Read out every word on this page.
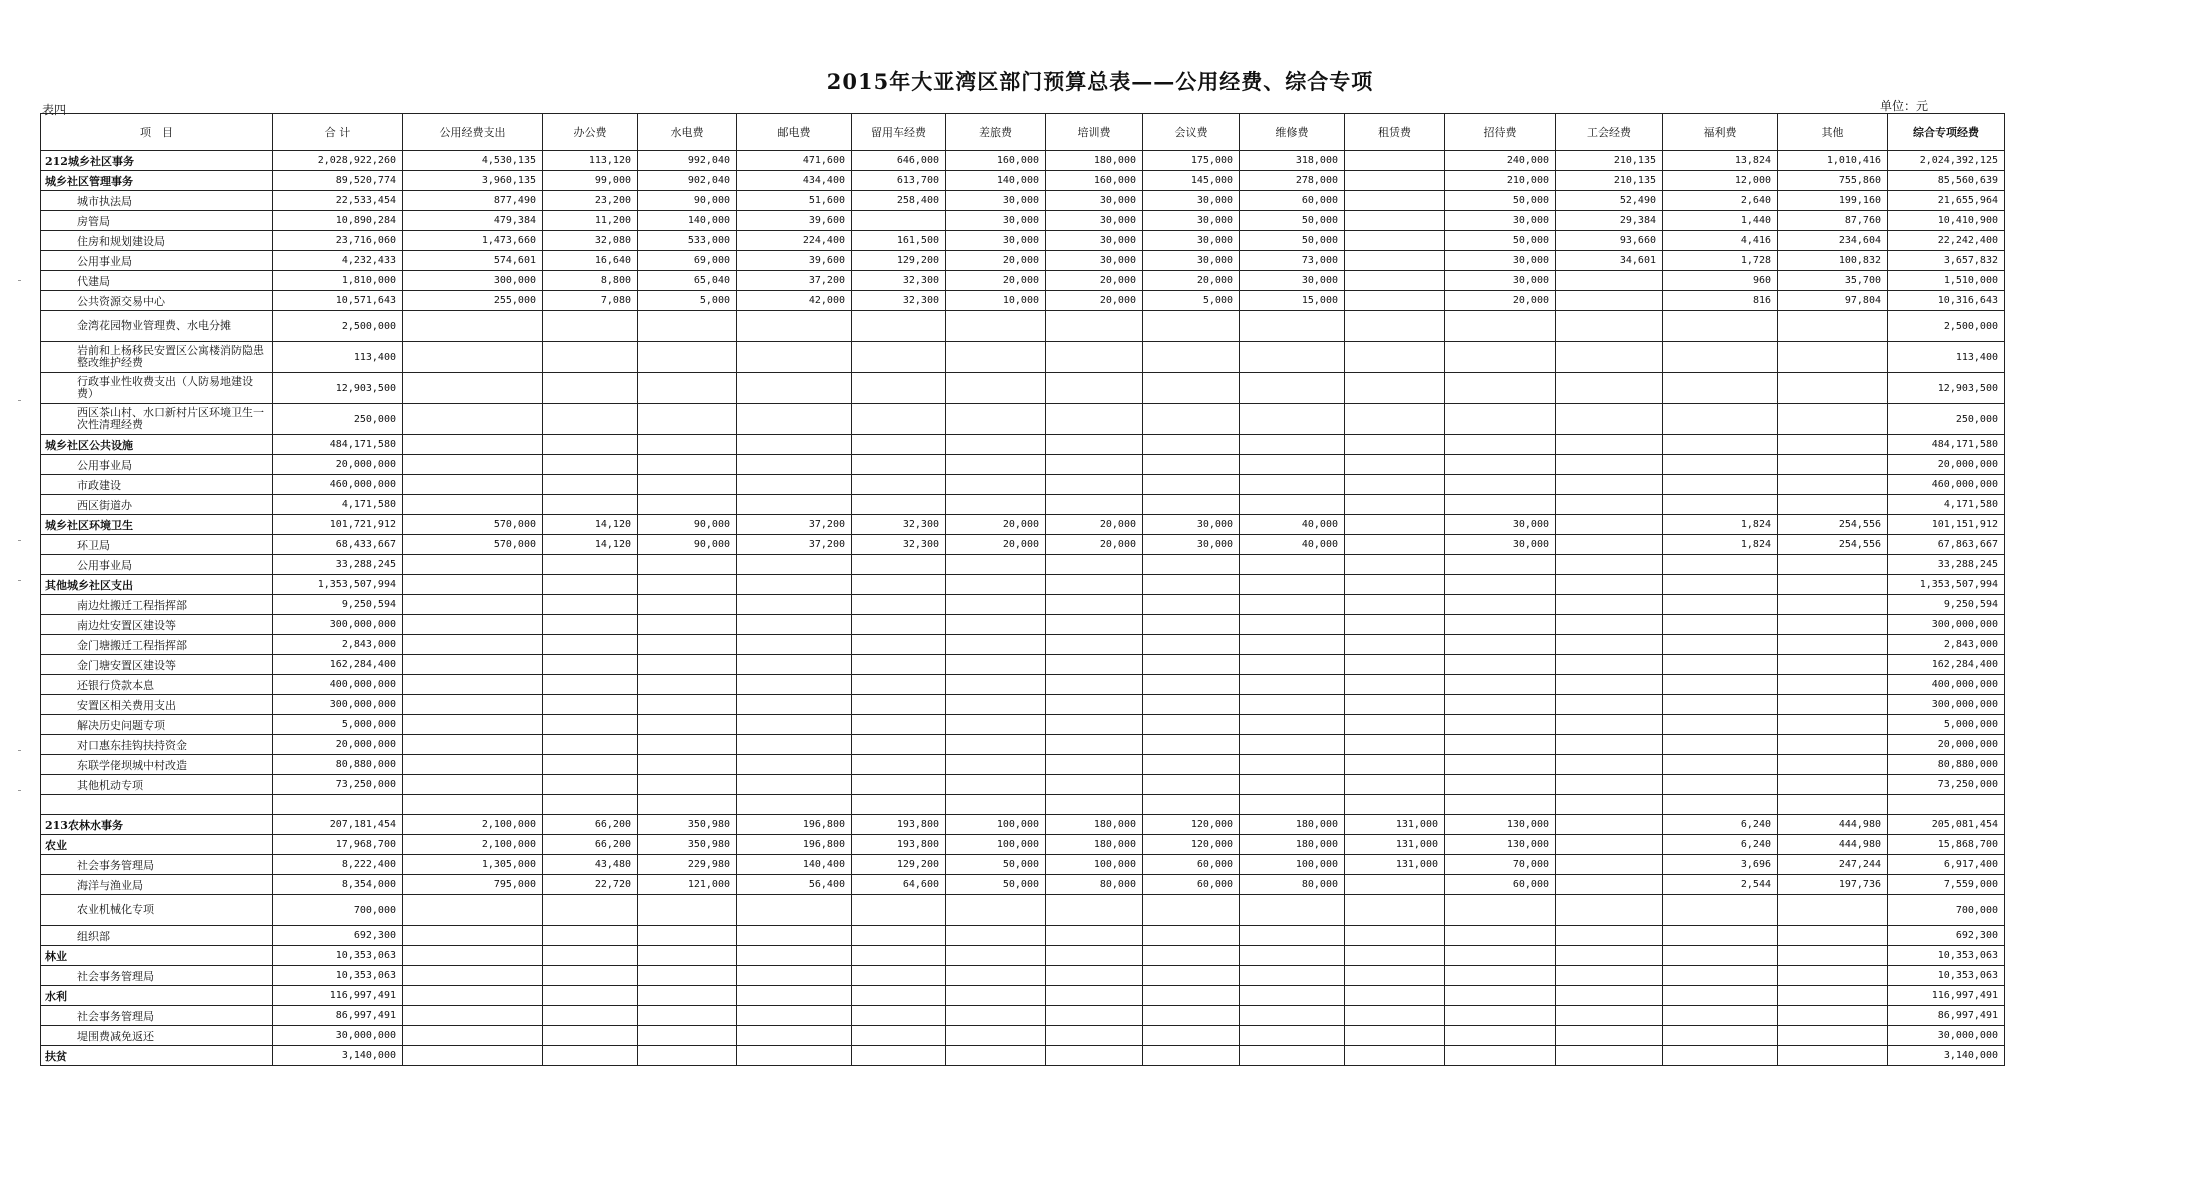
2015年大亚湾区部门预算总表——公用经费、综合专项
表四	单位：元
项　目	合 计	公用经费支出	办公费	水电费	邮电费	留用车经费	差旅费	培训费	会议费	维修费	租赁费	招待费	工会经费	福利费	其他	综合专项经费
212城乡社区事务	2,028,922,260	4,530,135	113,120	992,040	471,600	646,000	160,000	180,000	175,000	318,000		240,000	210,135	13,824	1,010,416	2,024,392,125
城乡社区管理事务	89,520,774	3,960,135	99,000	902,040	434,400	613,700	140,000	160,000	145,000	278,000		210,000	210,135	12,000	755,860	85,560,639
城市执法局	22,533,454	877,490	23,200	90,000	51,600	258,400	30,000	30,000	30,000	60,000		50,000	52,490	2,640	199,160	21,655,964
房管局	10,890,284	479,384	11,200	140,000	39,600		30,000	30,000	30,000	50,000		30,000	29,384	1,440	87,760	10,410,900
住房和规划建设局	23,716,060	1,473,660	32,080	533,000	224,400	161,500	30,000	30,000	30,000	50,000		50,000	93,660	4,416	234,604	22,242,400
公用事业局	4,232,433	574,601	16,640	69,000	39,600	129,200	20,000	30,000	30,000	73,000		30,000	34,601	1,728	100,832	3,657,832
代建局	1,810,000	300,000	8,800	65,040	37,200	32,300	20,000	20,000	20,000	30,000		30,000		960	35,700	1,510,000
公共资源交易中心	10,571,643	255,000	7,080	5,000	42,000	32,300	10,000	20,000	5,000	15,000		20,000		816	97,804	10,316,643
金湾花园物业管理费、水电分摊	2,500,000															2,500,000
岩前和上杨移民安置区公寓楼消防隐患整改维护经费	113,400															113,400
行政事业性收费支出（人防易地建设费）	12,903,500															12,903,500
西区茶山村、水口新村片区环境卫生一次性清理经费	250,000															250,000
城乡社区公共设施	484,171,580															484,171,580
公用事业局	20,000,000															20,000,000
市政建设	460,000,000															460,000,000
西区街道办	4,171,580															4,171,580
城乡社区环境卫生	101,721,912	570,000	14,120	90,000	37,200	32,300	20,000	20,000	30,000	40,000		30,000		1,824	254,556	101,151,912
环卫局	68,433,667	570,000	14,120	90,000	37,200	32,300	20,000	20,000	30,000	40,000		30,000		1,824	254,556	67,863,667
公用事业局	33,288,245															33,288,245
其他城乡社区支出	1,353,507,994															1,353,507,994
南边灶搬迁工程指挥部	9,250,594															9,250,594
南边灶安置区建设等	300,000,000															300,000,000
金门塘搬迁工程指挥部	2,843,000															2,843,000
金门塘安置区建设等	162,284,400															162,284,400
还银行贷款本息	400,000,000															400,000,000
安置区相关费用支出	300,000,000															300,000,000
解决历史问题专项	5,000,000															5,000,000
对口惠东挂钩扶持资金	20,000,000															20,000,000
东联学佬坝城中村改造	80,880,000															80,880,000
其他机动专项	73,250,000															73,250,000

213农林水事务	207,181,454	2,100,000	66,200	350,980	196,800	193,800	100,000	180,000	120,000	180,000	131,000	130,000		6,240	444,980	205,081,454
农业	17,968,700	2,100,000	66,200	350,980	196,800	193,800	100,000	180,000	120,000	180,000	131,000	130,000		6,240	444,980	15,868,700
社会事务管理局	8,222,400	1,305,000	43,480	229,980	140,400	129,200	50,000	100,000	60,000	100,000	131,000	70,000		3,696	247,244	6,917,400
海洋与渔业局	8,354,000	795,000	22,720	121,000	56,400	64,600	50,000	80,000	60,000	80,000		60,000		2,544	197,736	7,559,000
农业机械化专项	700,000															700,000
组织部	692,300															692,300
林业	10,353,063															10,353,063
社会事务管理局	10,353,063															10,353,063
水利	116,997,491															116,997,491
社会事务管理局	86,997,491															86,997,491
堤围费减免返还	30,000,000															30,000,000
扶贫	3,140,000															3,140,000
